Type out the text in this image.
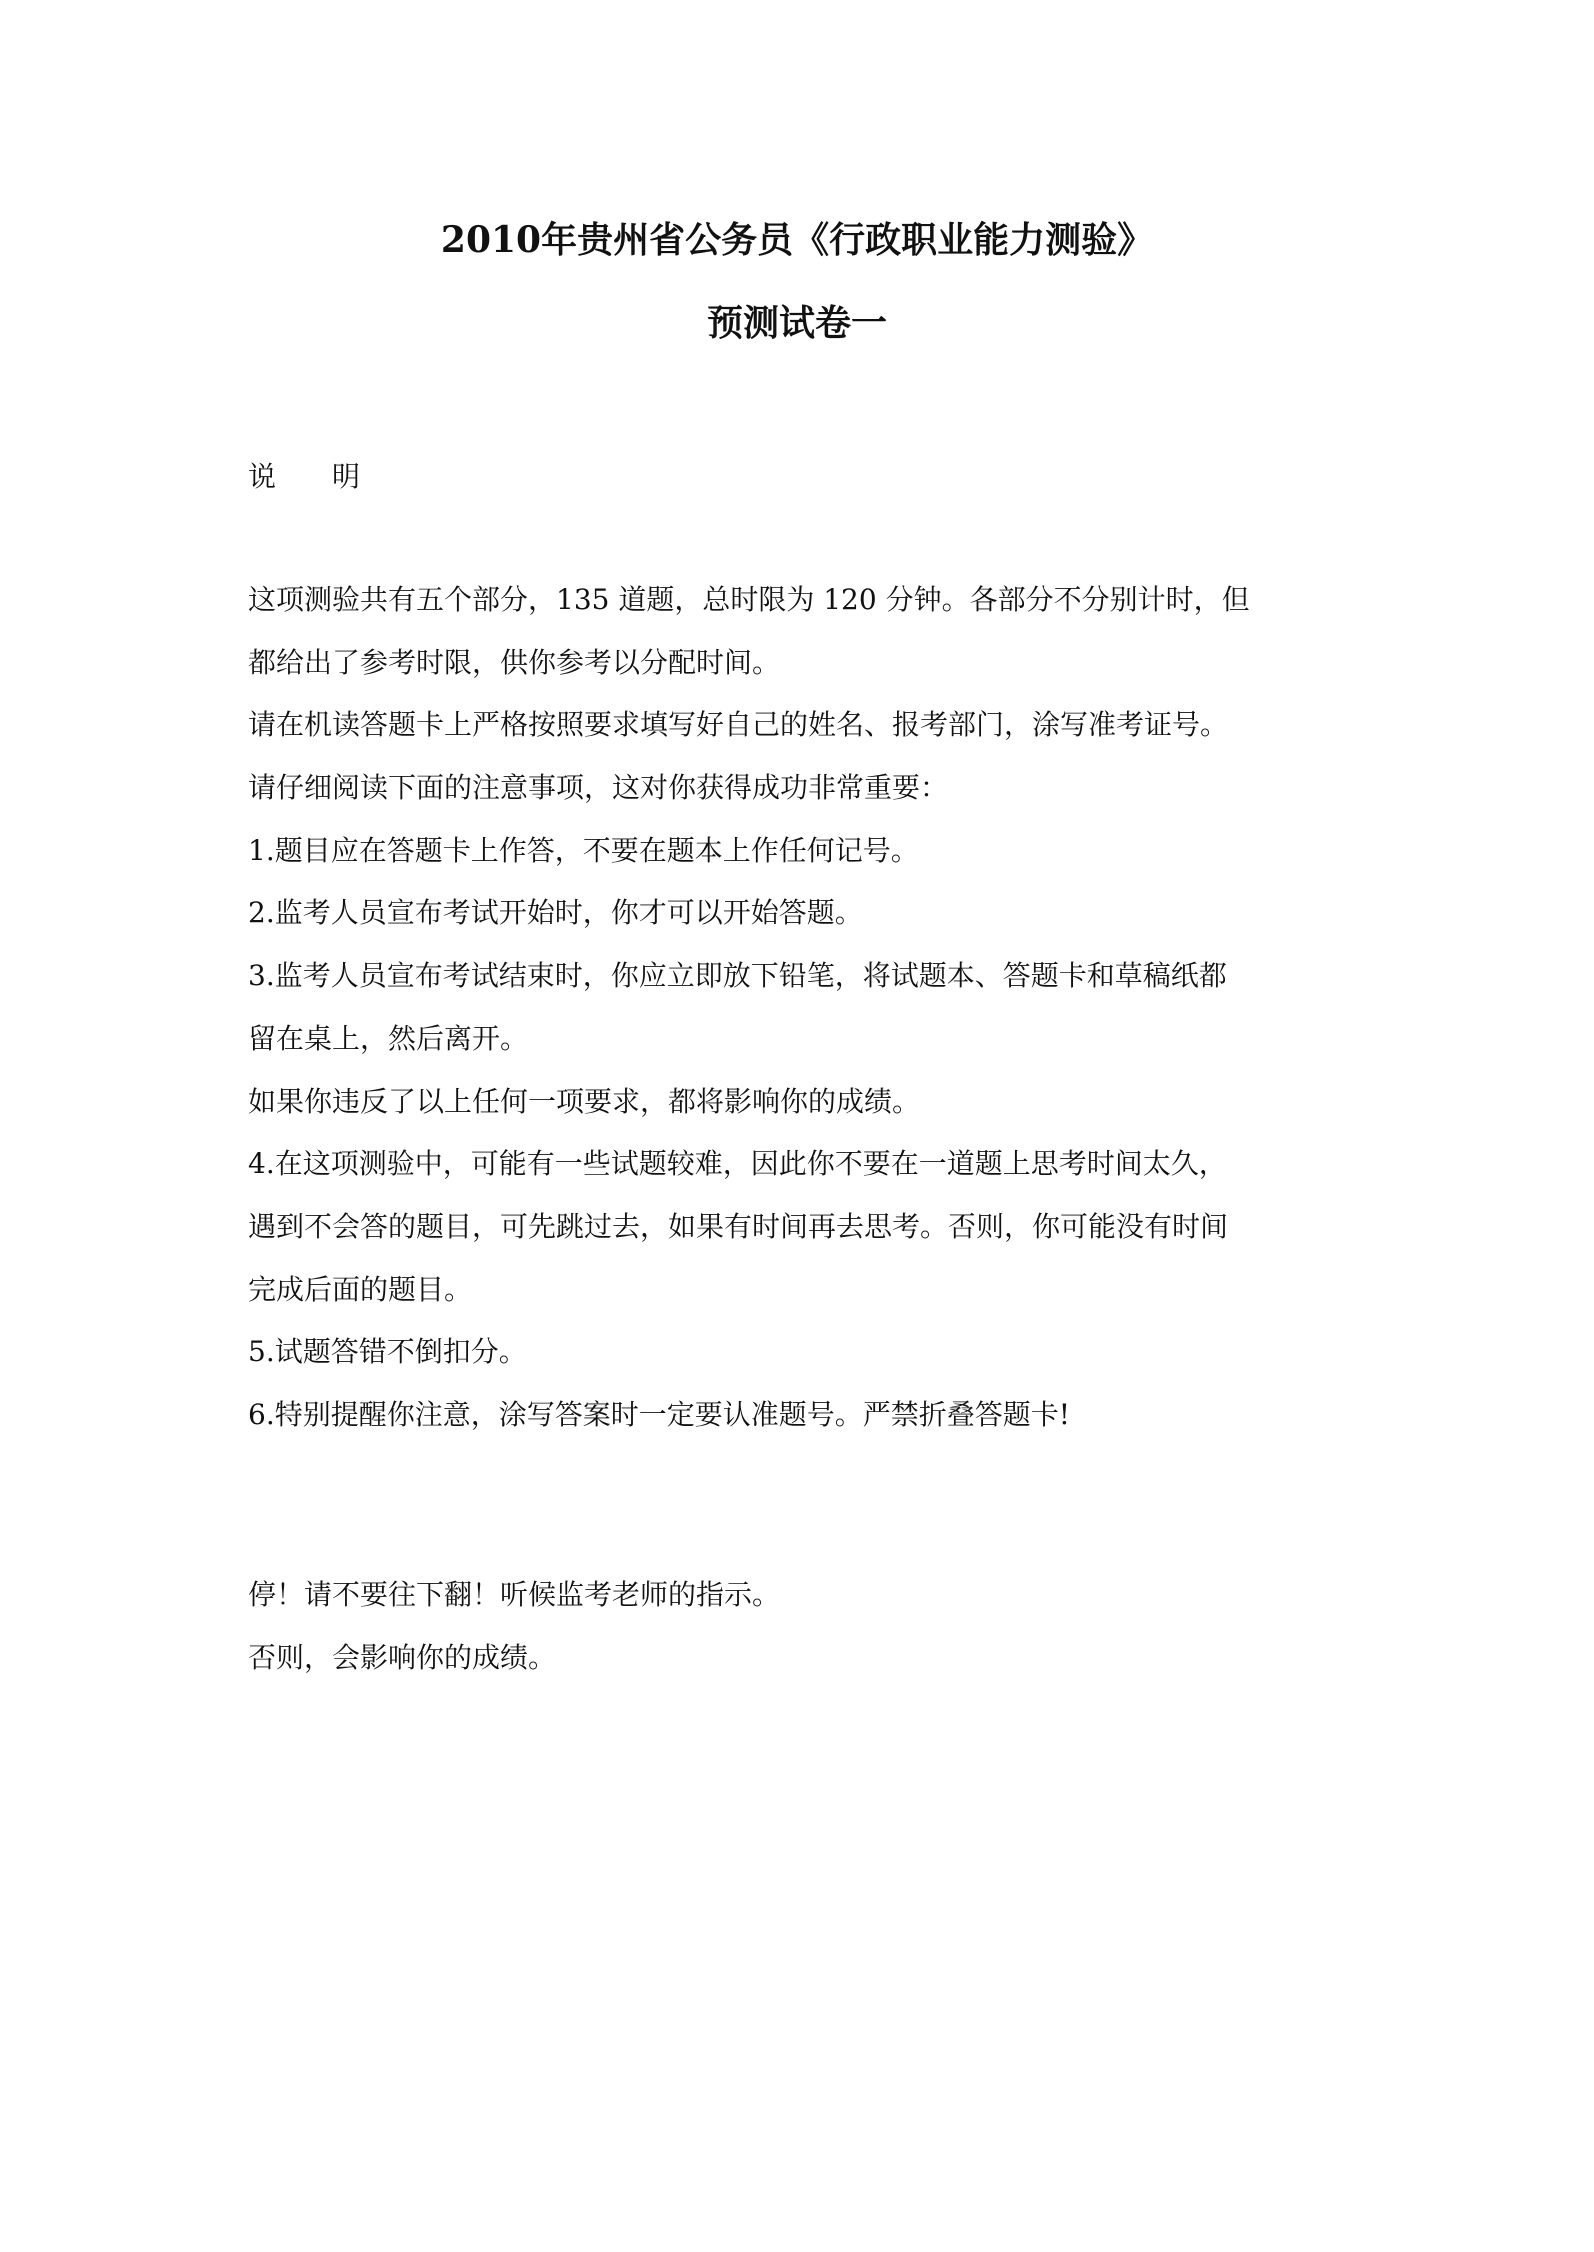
2010年贵州省公务员《行政职业能力测验》
预测试卷一
说 明
这项测验共有五个部分，135 道题，总时限为 120 分钟。各部分不分别计时，但
都给出了参考时限，供你参考以分配时间。
请在机读答题卡上严格按照要求填写好自己的姓名、报考部门，涂写准考证号。
请仔细阅读下面的注意事项，这对你获得成功非常重要：
1.题目应在答题卡上作答，不要在题本上作任何记号。
2.监考人员宣布考试开始时，你才可以开始答题。
3.监考人员宣布考试结束时，你应立即放下铅笔，将试题本、答题卡和草稿纸都
留在桌上，然后离开。
如果你违反了以上任何一项要求，都将影响你的成绩。
4.在这项测验中，可能有一些试题较难，因此你不要在一道题上思考时间太久，
遇到不会答的题目，可先跳过去，如果有时间再去思考。否则，你可能没有时间
完成后面的题目。
5.试题答错不倒扣分。
6.特别提醒你注意，涂写答案时一定要认准题号。严禁折叠答题卡!
停！请不要往下翻！听候监考老师的指示。
否则，会影响你的成绩。
